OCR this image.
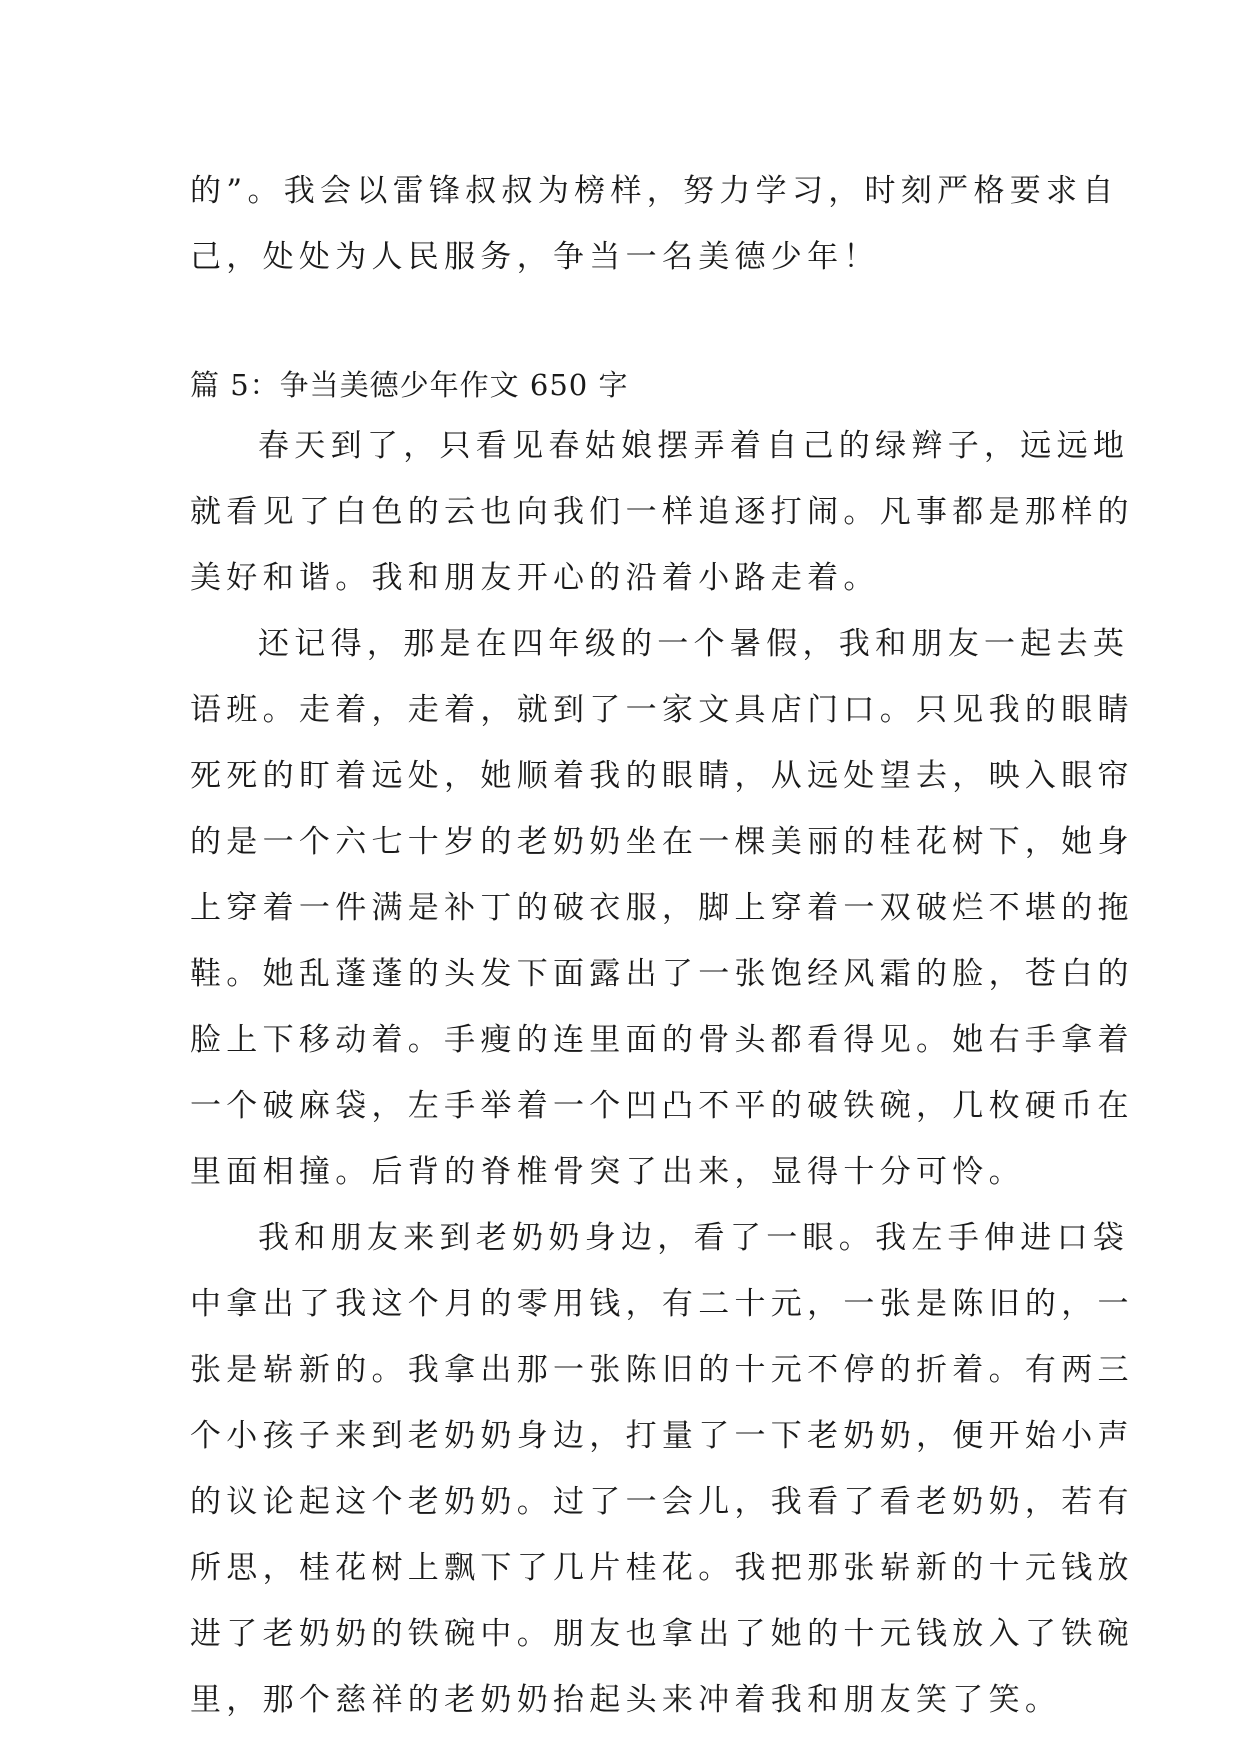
的”。我会以雷锋叔叔为榜样，努力学习，时刻严格要求自
己，处处为人民服务，争当一名美德少年！
篇 5：争当美德少年作文 650 字
春天到了，只看见春姑娘摆弄着自己的绿辫子，远远地
就看见了白色的云也向我们一样追逐打闹。凡事都是那样的
美好和谐。我和朋友开心的沿着小路走着。
还记得，那是在四年级的一个暑假，我和朋友一起去英
语班。走着，走着，就到了一家文具店门口。只见我的眼睛
死死的盯着远处，她顺着我的眼睛，从远处望去，映入眼帘
的是一个六七十岁的老奶奶坐在一棵美丽的桂花树下，她身
上穿着一件满是补丁的破衣服，脚上穿着一双破烂不堪的拖
鞋。她乱蓬蓬的头发下面露出了一张饱经风霜的脸，苍白的
脸上下移动着。手瘦的连里面的骨头都看得见。她右手拿着
一个破麻袋，左手举着一个凹凸不平的破铁碗，几枚硬币在
里面相撞。后背的脊椎骨突了出来，显得十分可怜。
我和朋友来到老奶奶身边，看了一眼。我左手伸进口袋
中拿出了我这个月的零用钱，有二十元，一张是陈旧的，一
张是崭新的。我拿出那一张陈旧的十元不停的折着。有两三
个小孩子来到老奶奶身边，打量了一下老奶奶，便开始小声
的议论起这个老奶奶。过了一会儿，我看了看老奶奶，若有
所思，桂花树上飘下了几片桂花。我把那张崭新的十元钱放
进了老奶奶的铁碗中。朋友也拿出了她的十元钱放入了铁碗
里，那个慈祥的老奶奶抬起头来冲着我和朋友笑了笑。
